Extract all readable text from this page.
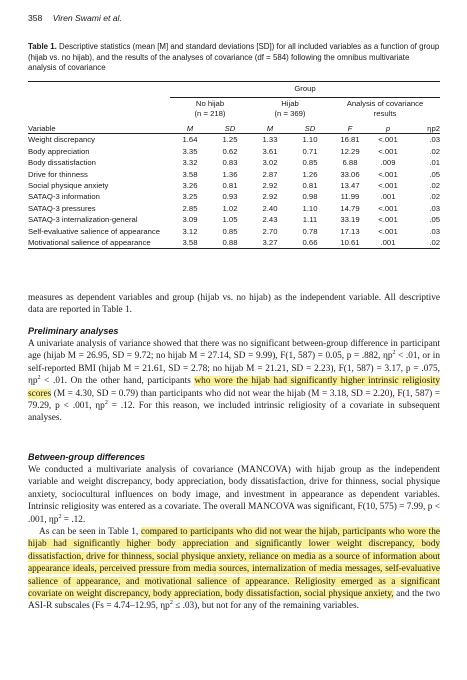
358 Viren Swami et al.
Table 1. Descriptive statistics (mean [M] and standard deviations [SD]) for all included variables as a function of group (hijab vs. no hijab), and the results of the analyses of covariance (df = 584) following the omnibus multivariate analysis of covariance
	Group						

	No hijab		Hijab		Analysis of covariance		
	(n = 218)		(n = 369)		results		
Variable	M	SD	M	SD	F	p	ηp2
Weight discrepancy	1.64	1.25	1.33	1.10	16.81	<.001	.03
Body appreciation	3.35	0.62	3.61	0.71	12.29	<.001	.02
Body dissatisfaction	3.32	0.83	3.02	0.85	6.88	.009	.01
Drive for thinness	3.58	1.36	2.87	1.26	33.06	<.001	.05
Social physique anxiety	3.26	0.81	2.92	0.81	13.47	<.001	.02
SATAQ-3 information	3.25	0.93	2.92	0.98	11.99	.001	.02
SATAQ-3 pressures	2.85	1.02	2.40	1.10	14.79	<.001	.03
SATAQ-3 internalization-general	3.09	1.05	2.43	1.11	33.19	<.001	.05
Self-evaluative salience of appearance	3.12	0.85	2.70	0.78	17.13	<.001	.03
Motivational salience of appearance	3.58	0.88	3.27	0.66	10.61	.001	.02

measures as dependent variables and group (hijab vs. no hijab) as the independent variable. All descriptive data are reported in Table 1.

Preliminary analyses

A univariate analysis of variance showed that there was no significant between-group difference in participant age (hijab M = 26.95, SD = 9.72; no hijab M = 27.14, SD = 9.99), F(1, 587) = 0.05, p = .882, $\eta p^2 < .01$, or in self-reported BMI (hijab M = 21.61, SD = 2.78; no hijab M = 21.21, SD = 2.23), F(1, 587) = 3.17, p = .075, $\eta p^2 < .01$. On the other hand, participants who wore the hijab had significantly higher intrinsic religiosity scores (M = 4.30, SD = 0.79) than participants who did not wear the hijab (M = 3.18, SD = 2.20), F(1, 587) = 79.29, p < .001, $\eta p^2 = .12$. For this reason, we included intrinsic religiosity of a covariate in subsequent analyses.

Between-group differences

We conducted a multivariate analysis of covariance (MANCOVA) with hijab group as the independent variable and weight discrepancy, body appreciation, body dissatisfaction, drive for thinness, social physique anxiety, sociocultural influences on body image, and investment in appearance as dependent variables. Intrinsic religiosity was entered as a covariate. The overall MANCOVA was significant, F(10, 575) = 7.99, p < .001, $\eta p^2 = .12$.

As can be seen in Table 1, compared to participants who did not wear the hijab, participants who wore the hijab had significantly higher body appreciation and significantly lower weight discrepancy, body dissatisfaction, drive for thinness, social physique anxiety, reliance on media as a source of information about appearance ideals, perceived pressure from media sources, internalization of media messages, self-evaluative salience of appearance, and motivational salience of appearance. Religiosity emerged as a significant covariate on weight discrepancy, body appreciation, body dissatisfaction, social physique anxiety, and the two ASI-R subscales (Fs = 4.74–12.95, $\eta p^2 \le .03$), but not for any of the remaining variables.
